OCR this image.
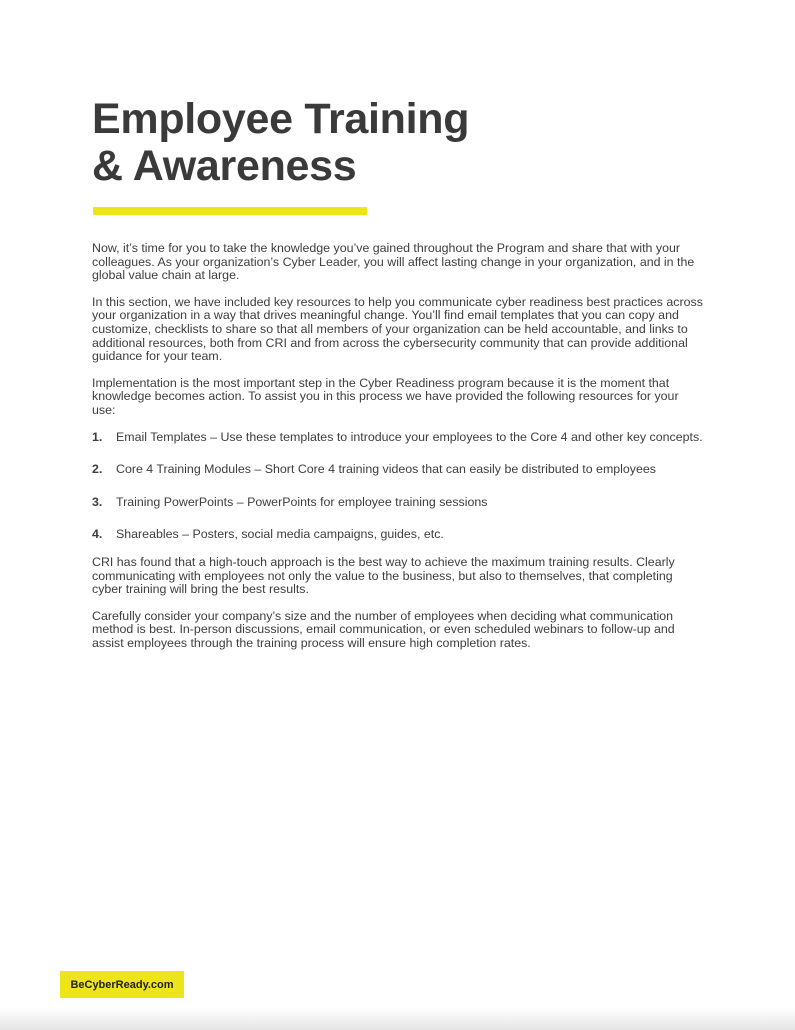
Employee Training
& Awareness

Now, it’s time for you to take the knowledge you’ve gained throughout the Program and share that with your colleagues. As your organization’s Cyber Leader, you will affect lasting change in your organization, and in the global value chain at large.

In this section, we have included key resources to help you communicate cyber readiness best practices across your organization in a way that drives meaningful change. You’ll find email templates that you can copy and customize, checklists to share so that all members of your organization can be held accountable, and links to additional resources, both from CRI and from across the cybersecurity community that can provide additional guidance for your team.

Implementation is the most important step in the Cyber Readiness program because it is the moment that knowledge becomes action. To assist you in this process we have provided the following resources for your use:

1.	Email Templates – Use these templates to introduce your employees to the Core 4 and other key concepts.
2.	Core 4 Training Modules – Short Core 4 training videos that can easily be distributed to employees
3.	Training PowerPoints – PowerPoints for employee training sessions
4.	Shareables – Posters, social media campaigns, guides, etc.

CRI has found that a high-touch approach is the best way to achieve the maximum training results. Clearly communicating with employees not only the value to the business, but also to themselves, that completing cyber training will bring the best results.

Carefully consider your company’s size and the number of employees when deciding what communication method is best. In-person discussions, email communication, or even scheduled webinars to follow-up and assist employees through the training process will ensure high completion rates.

BeCyberReady.com
